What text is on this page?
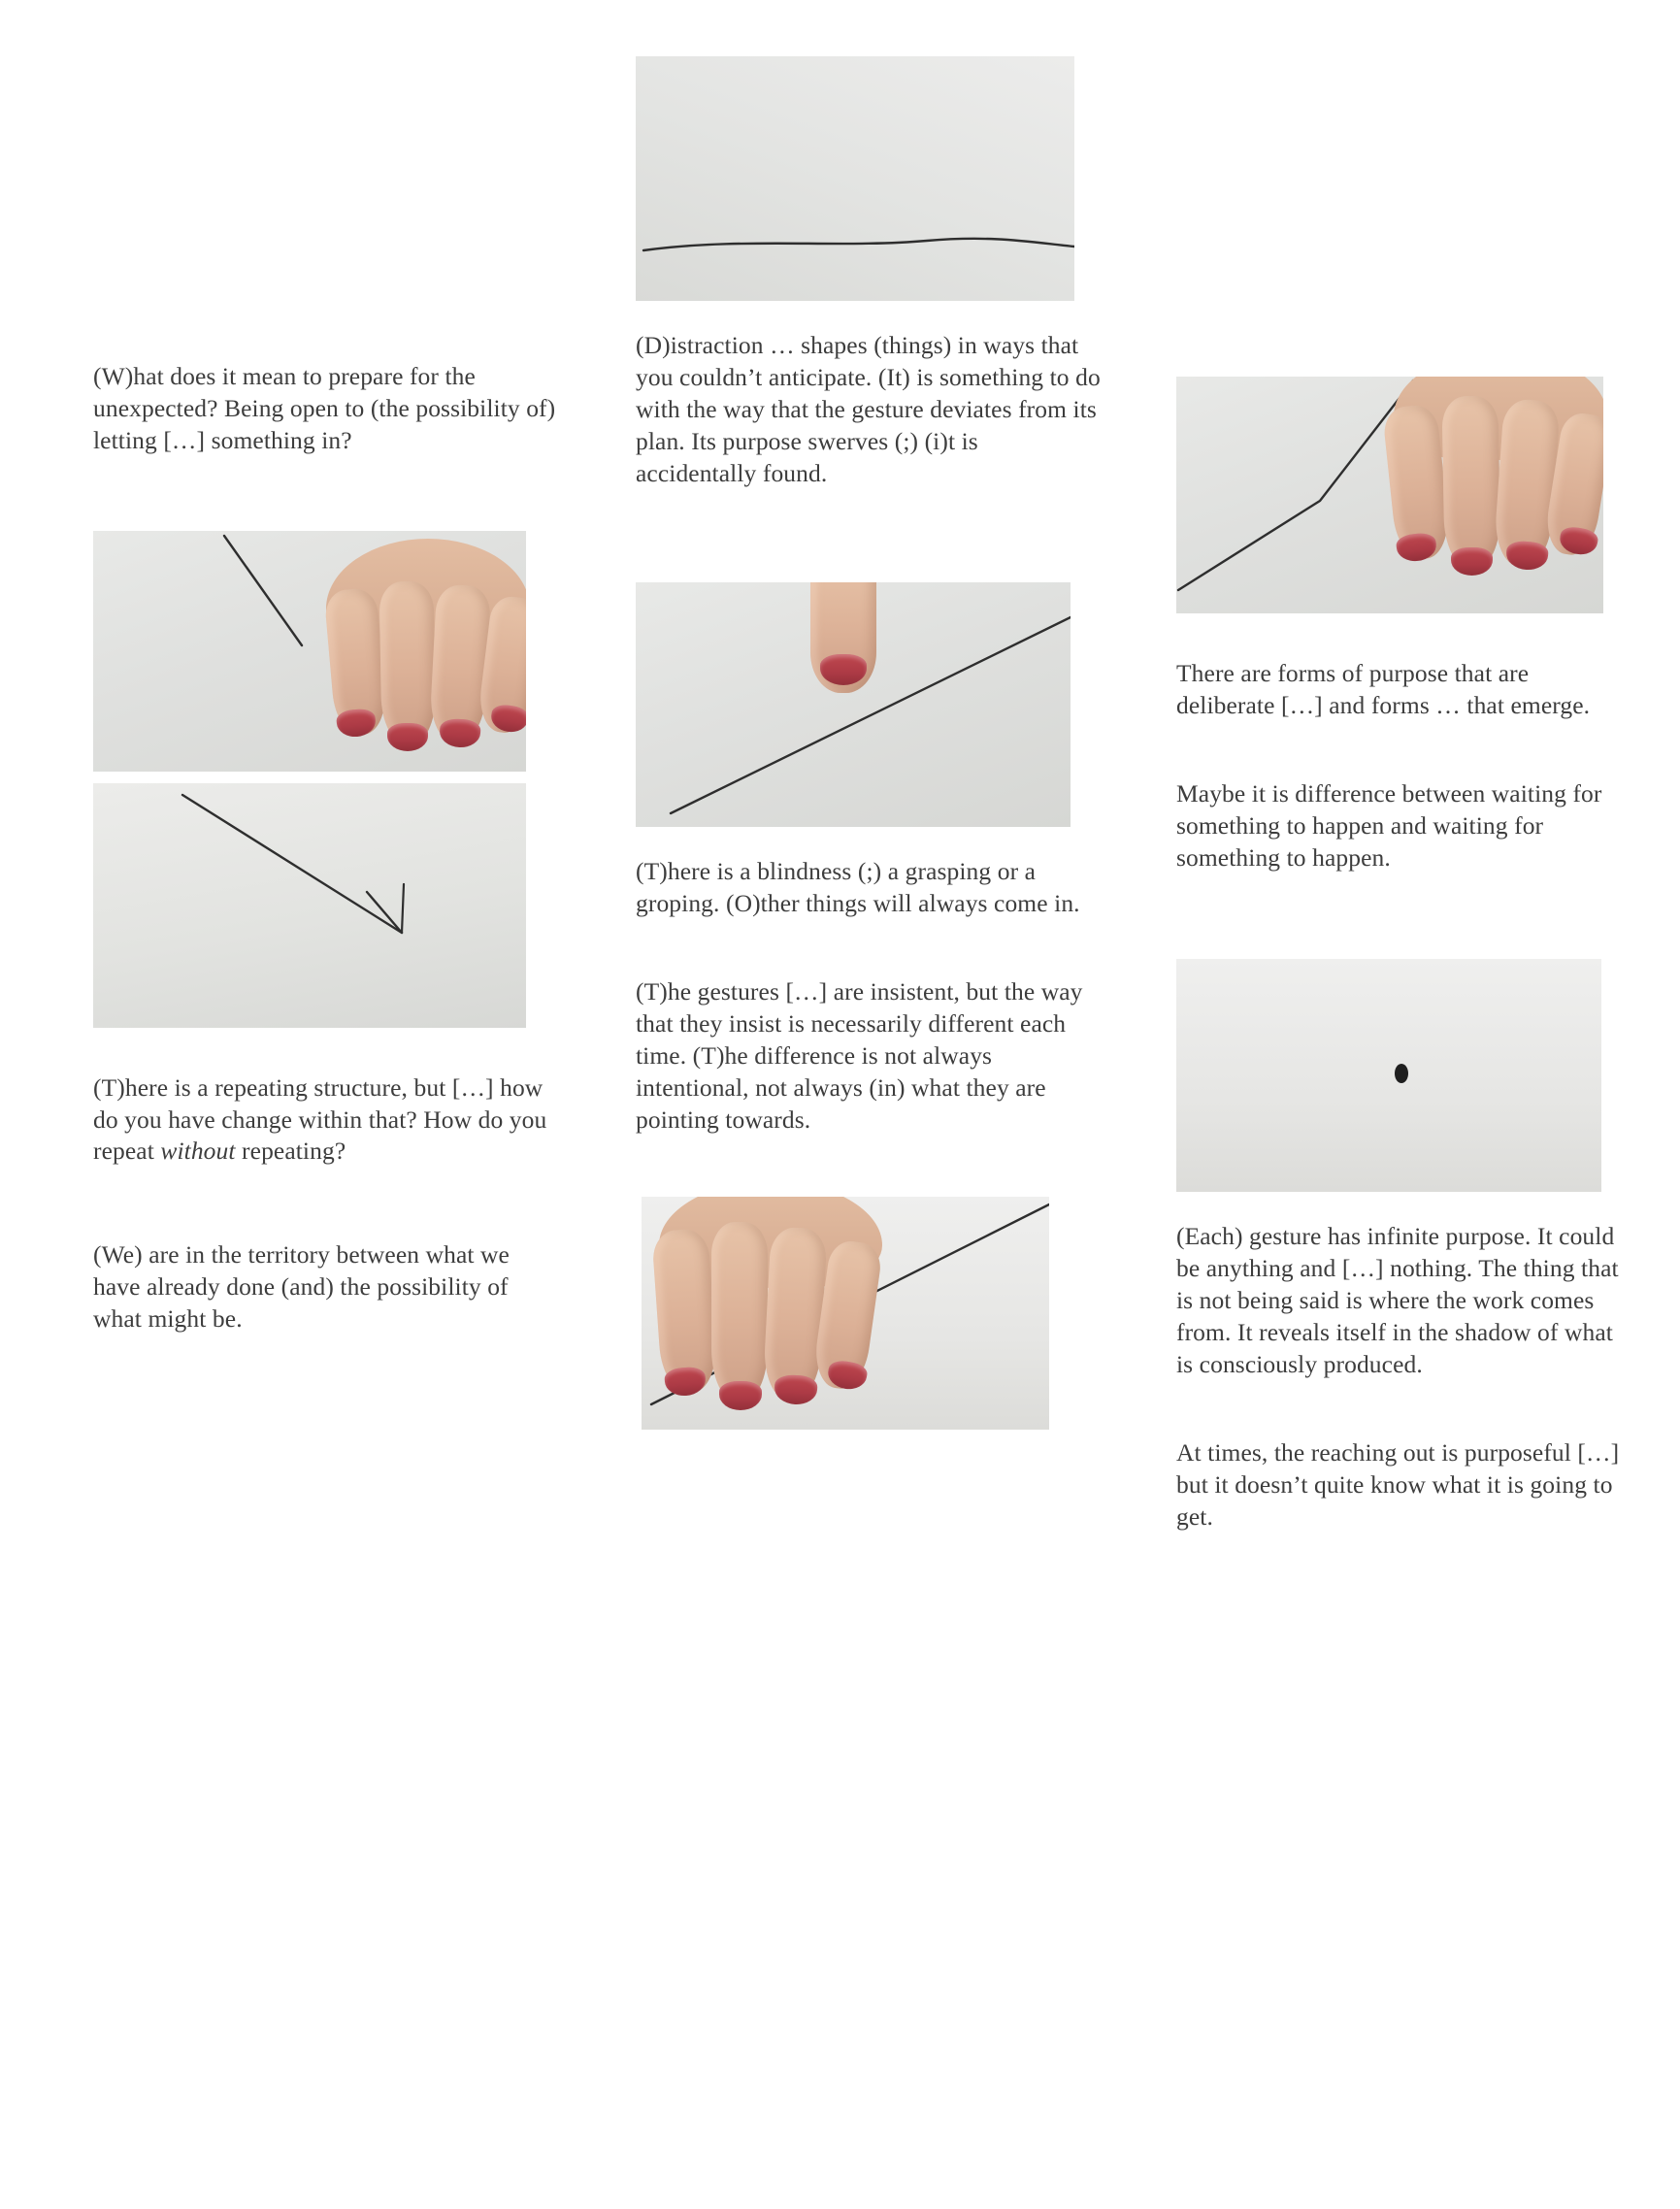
(W)hat does it mean to prepare for the unexpected? Being open to (the possibility of) letting […] something in?

(T)here is a repeating structure, but […] how do you have change within that? How do you repeat without repeating?

(We) are in the territory between what we have already done (and) the possibility of what might be.

(D)istraction … shapes (things) in ways that you couldn’t anticipate. (It) is something to do with the way that the gesture deviates from its plan. Its purpose swerves (;) (i)t is accidentally found.

(T)here is a blindness (;) a grasping or a groping. (O)ther things will always come in.

(T)he gestures […] are insistent, but the way that they insist is necessarily different each time. (T)he difference is not always intentional, not always (in) what they are pointing towards.

There are forms of purpose that are deliberate […] and forms … that emerge.

Maybe it is difference between waiting for something to happen and waiting for something to happen.

(Each) gesture has infinite purpose. It could be anything and […] nothing. The thing that is not being said is where the work comes from. It reveals itself in the shadow of what is consciously produced.

At times, the reaching out is purposeful […] but it doesn’t quite know what it is going to get.
